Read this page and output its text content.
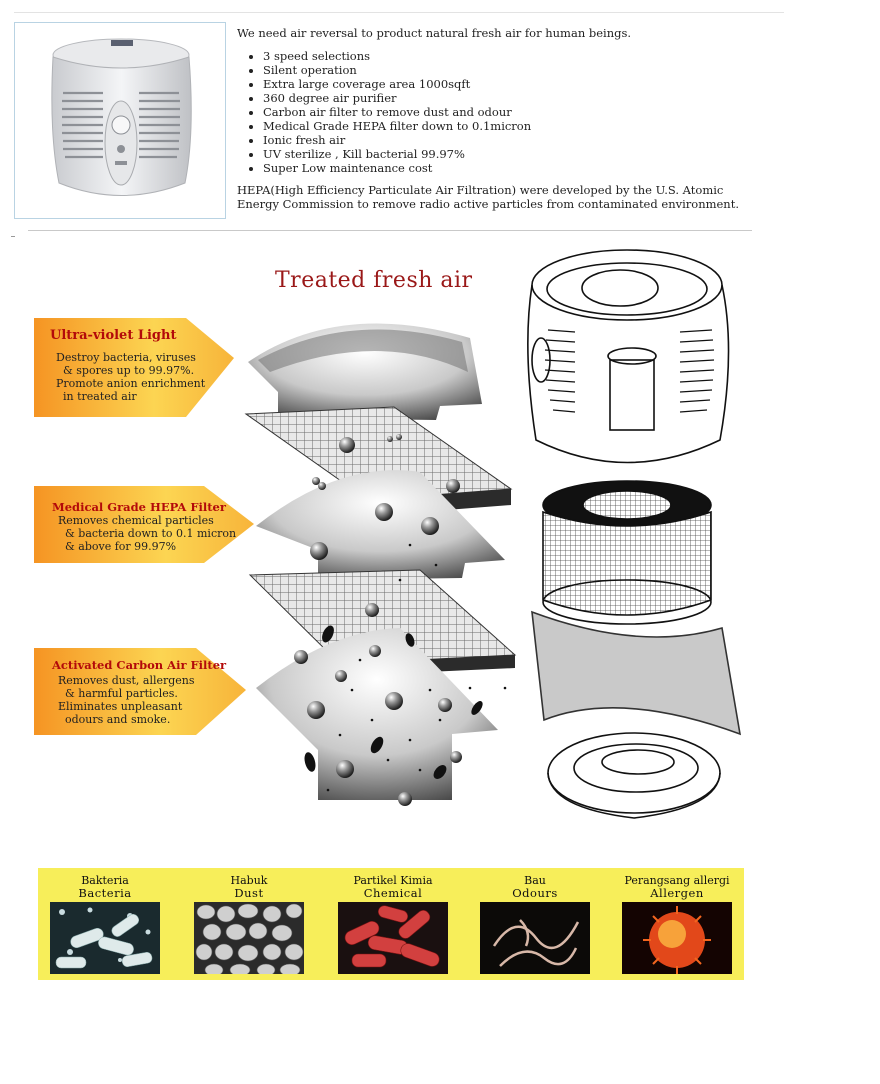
We need air reversal to product natural fresh air for human beings.

• 3 speed selections
• Silent operation
• Extra large coverage area 1000sqft
• 360 degree air purifier
• Carbon air filter to remove dust and odour
• Medical Grade HEPA filter down to 0.1micron
• Ionic fresh air
• UV sterilize , Kill bacterial 99.97%
• Super Low maintenance cost

HEPA(High Efficiency Particulate Air Filtration) were developed by the U.S. Atomic Energy Commission to remove radio active particles from contaminated environment.

Treated fresh air
Ultra-violet Light
Destroy bacteria, viruses
& spores up to 99.97%.
Promote anion enrichment
in treated air
Medical Grade HEPA Filter
Removes chemical particles
& bacteria down to 0.1 micron
& above for 99.97%
Activated Carbon Air Filter
Removes dust, allergens
& harmful particles.
Eliminates unpleasant
odours and smoke.
Bakteria
Bacteria
Habuk
Dust
Partikel Kimia
Chemical
Bau
Odours
Perangsang allergi
Allergen
